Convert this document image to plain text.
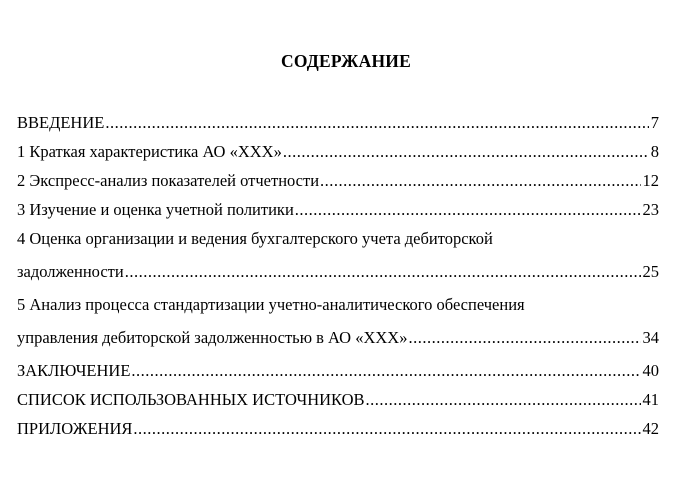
СОДЕРЖАНИЕ
ВВЕДЕНИЕ .....	7
1 Краткая характеристика АО «ХХХ» .....	8
2 Экспресс-анализ показателей отчетности .....	12
3 Изучение и оценка учетной политики .....	23
4 Оценка организации и ведения бухгалтерского учета дебиторской
задолженности .....	25
5 Анализ процесса стандартизации учетно-аналитического обеспечения
управления дебиторской задолженностью в АО «ХХХ» .....	34
ЗАКЛЮЧЕНИЕ .....	40
СПИСОК ИСПОЛЬЗОВАННЫХ ИСТОЧНИКОВ .....	41
ПРИЛОЖЕНИЯ .....	42
